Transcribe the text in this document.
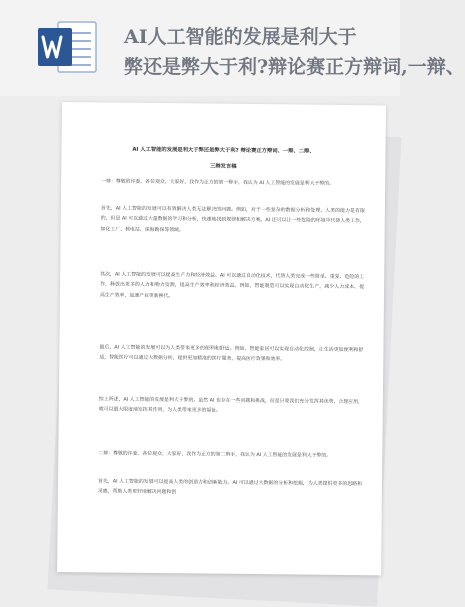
AI人工智能的发展是利大于
弊还是弊大于利?辩论赛正方辩词,一辩、
AI 人工智能的发展是利大于弊还是弊大于利? 辩论赛正方辩词、一辩、二辩、
三辩发言稿
一辩：尊敬的评委、各位观众、大家好，我作为正方的第一辩手，我认为 AI 人工智能的发展是利大于弊的。
首先，AI 人工智能的发展可以有效解决人类无法解决的问题。例如，对于一些复杂的数据分析和处理，人类的能力是有限的，但是 AI 可以通过大量数据的学习和分析，快速地找到规律和解决方案。AI 还可以让一些危险的环境中代替人类工作，如化工厂、核电站、深海勘探等领域。
其次，AI 人工智能的发展可以提高生产力和经济效益。AI 可以通过自动化技术，代替人类完成一些简单、重复、危险的工作，释放出更多的人力和物力资源，提高生产效率和经济效益。例如，智能制造可以实现自动化生产，减少人力成本、提高生产效率，加速产业更新换代。
最后，AI 人工智能的发展可以为人类带来更多的便利和舒适。例如，智能家居可以实现自动化控制，让生活更加便利和舒适，智能医疗可以通过大数据分析，提供更加精准的医疗服务，提高医疗效果和效率。
综上所述，AI 人工智能的发展是利大于弊的。虽然 AI 也存在一些问题和挑战，但是只要我们充分发挥其优势，合理应用，就可以最大限度地发挥其作用，为人类带来更多的福祉。
二辩：尊敬的评委、各位观众、大家好，我作为正方的第二辩手，我认为 AI 人工智能的发展是利大于弊的。
首先，AI 人工智能的发展可以提高人类的创造力和创新能力。AI 可以通过大数据的分析和挖掘，为人类提供更多的思路和灵感，帮助人类更好地解决问题和创
